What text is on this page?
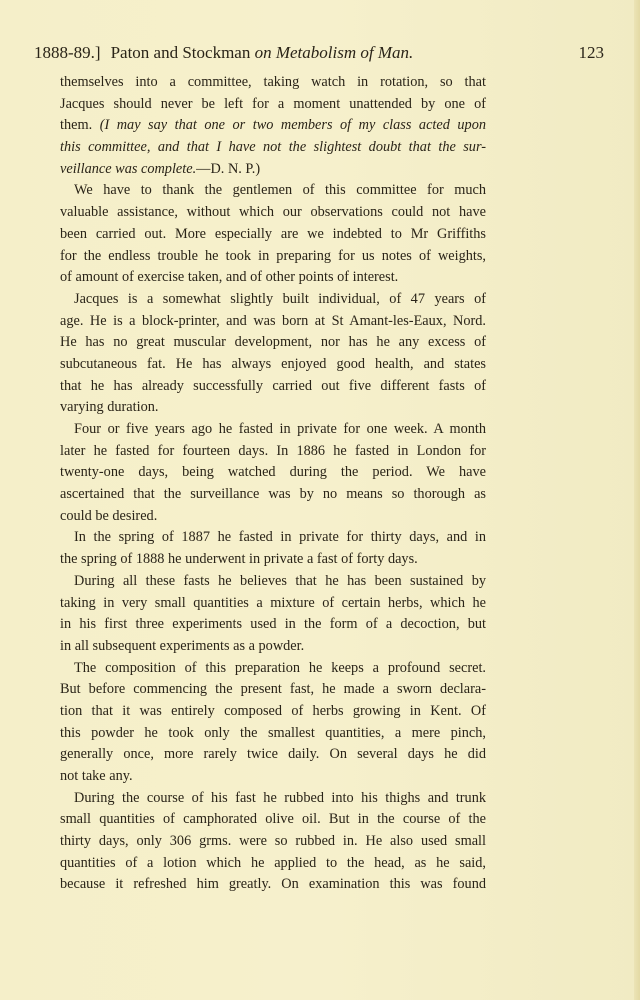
1888-89.] Paton and Stockman on Metabolism of Man.	123
themselves into a committee, taking watch in rotation, so that
Jacques should never be left for a moment unattended by one of
them. (I may say that one or two members of my class acted upon
this committee, and that I have not the slightest doubt that the sur-
veillance was complete.—D. N. P.)
We have to thank the gentlemen of this committee for much
valuable assistance, without which our observations could not have
been carried out. More especially are we indebted to Mr Griffiths
for the endless trouble he took in preparing for us notes of weights,
of amount of exercise taken, and of other points of interest.
Jacques is a somewhat slightly built individual, of 47 years of
age. He is a block-printer, and was born at St Amant-les-Eaux, Nord.
He has no great muscular development, nor has he any excess of
subcutaneous fat. He has always enjoyed good health, and states
that he has already successfully carried out five different fasts of
varying duration.
Four or five years ago he fasted in private for one week. A month
later he fasted for fourteen days. In 1886 he fasted in London for
twenty-one days, being watched during the period. We have
ascertained that the surveillance was by no means so thorough as
could be desired.
In the spring of 1887 he fasted in private for thirty days, and in
the spring of 1888 he underwent in private a fast of forty days.
During all these fasts he believes that he has been sustained by
taking in very small quantities a mixture of certain herbs, which he
in his first three experiments used in the form of a decoction, but
in all subsequent experiments as a powder.
The composition of this preparation he keeps a profound secret.
But before commencing the present fast, he made a sworn declara-
tion that it was entirely composed of herbs growing in Kent. Of
this powder he took only the smallest quantities, a mere pinch,
generally once, more rarely twice daily. On several days he did
not take any.
During the course of his fast he rubbed into his thighs and trunk
small quantities of camphorated olive oil. But in the course of the
thirty days, only 306 grms. were so rubbed in. He also used small
quantities of a lotion which he applied to the head, as he said,
because it refreshed him greatly. On examination this was found
